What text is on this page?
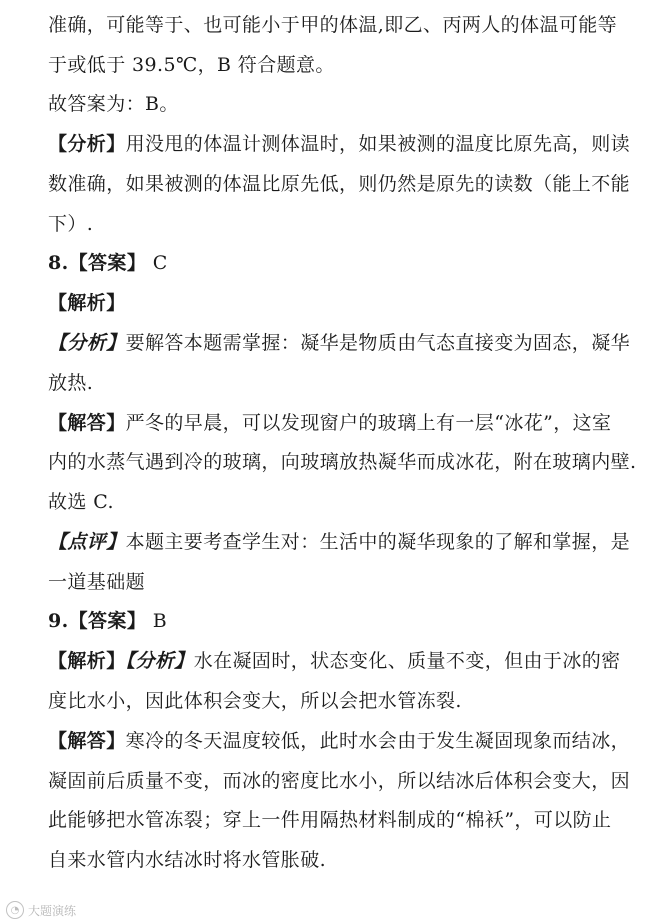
准确，可能等于、也可能小于甲的体温,即乙、丙两人的体温可能等
于或低于 39.5℃，B 符合题意。
故答案为：B。
【分析】用没甩的体温计测体温时，如果被测的温度比原先高，则读
数准确，如果被测的体温比原先低，则仍然是原先的读数（能上不能
下）.
8.【答案】 C
【解析】
【分析】要解答本题需掌握：凝华是物质由气态直接变为固态，凝华
放热.
【解答】严冬的早晨，可以发现窗户的玻璃上有一层“冰花”，这室
内的水蒸气遇到冷的玻璃，向玻璃放热凝华而成冰花，附在玻璃内壁.
故选 C.
【点评】本题主要考查学生对：生活中的凝华现象的了解和掌握，是
一道基础题
9.【答案】 B
【解析】【分析】水在凝固时，状态变化、质量不变，但由于冰的密
度比水小，因此体积会变大，所以会把水管冻裂.
【解答】寒冷的冬天温度较低，此时水会由于发生凝固现象而结冰，
凝固前后质量不变，而冰的密度比水小，所以结冰后体积会变大，因
此能够把水管冻裂；穿上一件用隔热材料制成的“棉袄”，可以防止
自来水管内水结冰时将水管胀破.
◔ 大题演练
